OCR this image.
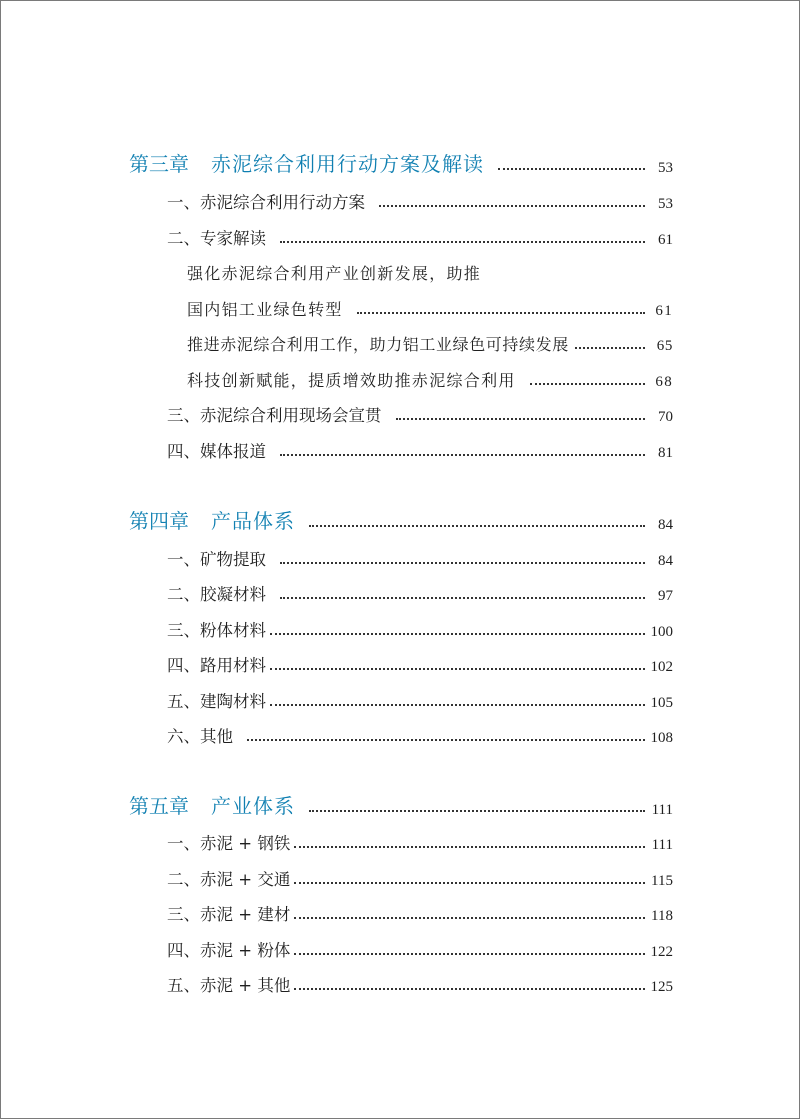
第三章 赤泥综合利用行动方案及解读	53
一、赤泥综合利用行动方案	53
二、专家解读	61
强化赤泥综合利用产业创新发展，助推
国内铝工业绿色转型	61
推进赤泥综合利用工作，助力铝工业绿色可持续发展	65
科技创新赋能，提质增效助推赤泥综合利用	68
三、赤泥综合利用现场会宣贯	70
四、媒体报道	81
第四章 产品体系	84
一、矿物提取	84
二、胶凝材料	97
三、粉体材料	100
四、路用材料	102
五、建陶材料	105
六、其他	108
第五章 产业体系	111
一、赤泥 + 钢铁	111
二、赤泥 + 交通	115
三、赤泥 + 建材	118
四、赤泥 + 粉体	122
五、赤泥 + 其他	125
